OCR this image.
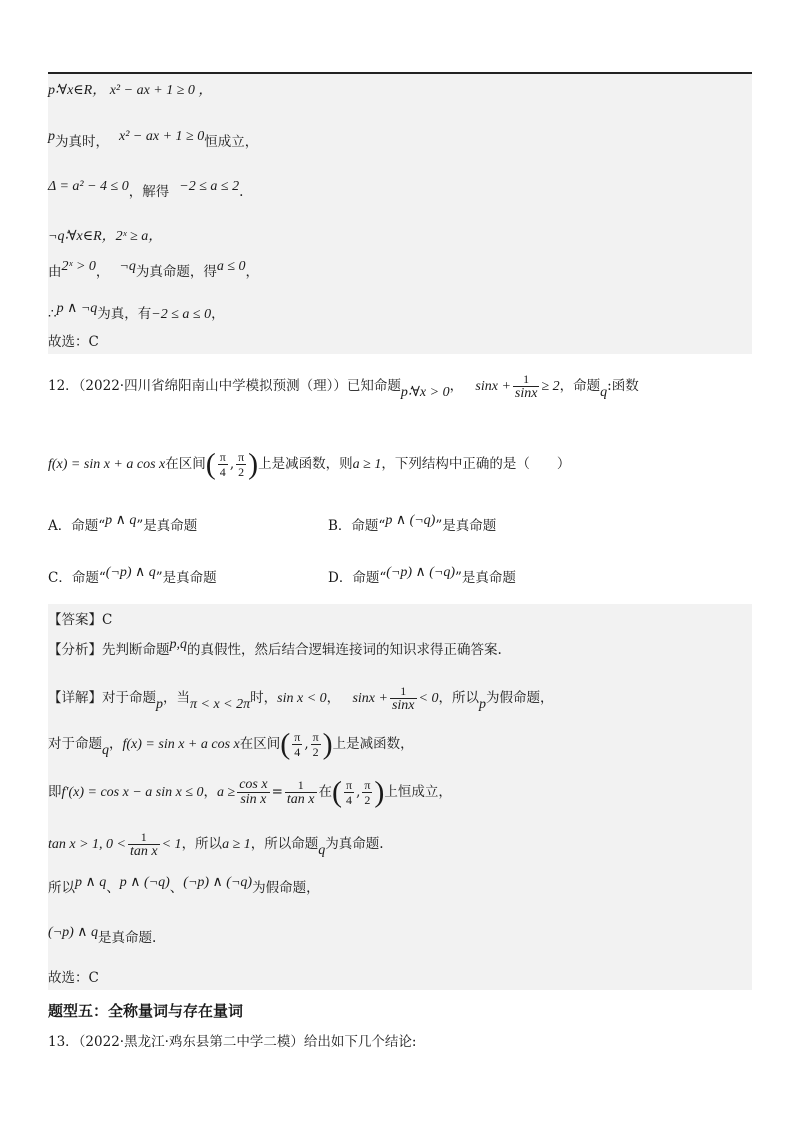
p∶∀x∈R， x² − ax + 1 ≥ 0 ，
p为真时， x² − ax + 1 ≥ 0恒成立，
Δ = a² − 4 ≤ 0，解得 −2 ≤ a ≤ 2.
¬q∶∀x∈R，2ˣ ≥ a，
由2ˣ > 0， ¬q为真命题，得a ≤ 0，
∴p ∧ ¬q为真，有−2 ≤ a ≤ 0，
故选：C
12．（2022·四川省绵阳南山中学模拟预测（理））已知命题p∶∀x > 0， $\sin x + \frac{1}{\sin x} \ge 2$，命题q:函数
f(x) = sin x + a cos x在区间( $\frac{\pi}{4}$ , $\frac{\pi}{2}$ )上是减函数，则a ≥ 1，下列结构中正确的是（　　）
A．命题“p ∧ q”是真命题	B．命题“p ∧ (¬q)”是真命题
C．命题“(¬p) ∧ q”是真命题	D．命题“(¬p) ∧ (¬q)”是真命题
【答案】C
【分析】先判断命题p,q的真假性，然后结合逻辑连接词的知识求得正确答案.
【详解】对于命题p，当π < x < 2π时，sin x < 0， $\sin x + \frac{1}{\sin x} < 0$，所以p为假命题，
对于命题q，f(x) = sin x + a cos x在区间( $\frac{\pi}{4}$ , $\frac{\pi}{2}$ )上是减函数，
即f′(x) = cos x − a sin x ≤ 0，$a \ge \frac{\text{cos x}}{\text{sin x}} = \frac{1}{\text{tan x}}$ 在( $\frac{\pi}{4}$ , $\frac{\pi}{2}$ )上恒成立，
tan x > 1, $0 < \frac{1}{\text{tan x}} < 1$，所以a ≥ 1，所以命题q为真命题.
所以p ∧ q、p ∧ (¬q)、(¬p) ∧ (¬q)为假命题，
(¬p) ∧ q是真命题.
故选：C
题型五：全称量词与存在量词
13．（2022·黑龙江·鸡东县第二中学二模）给出如下几个结论:
